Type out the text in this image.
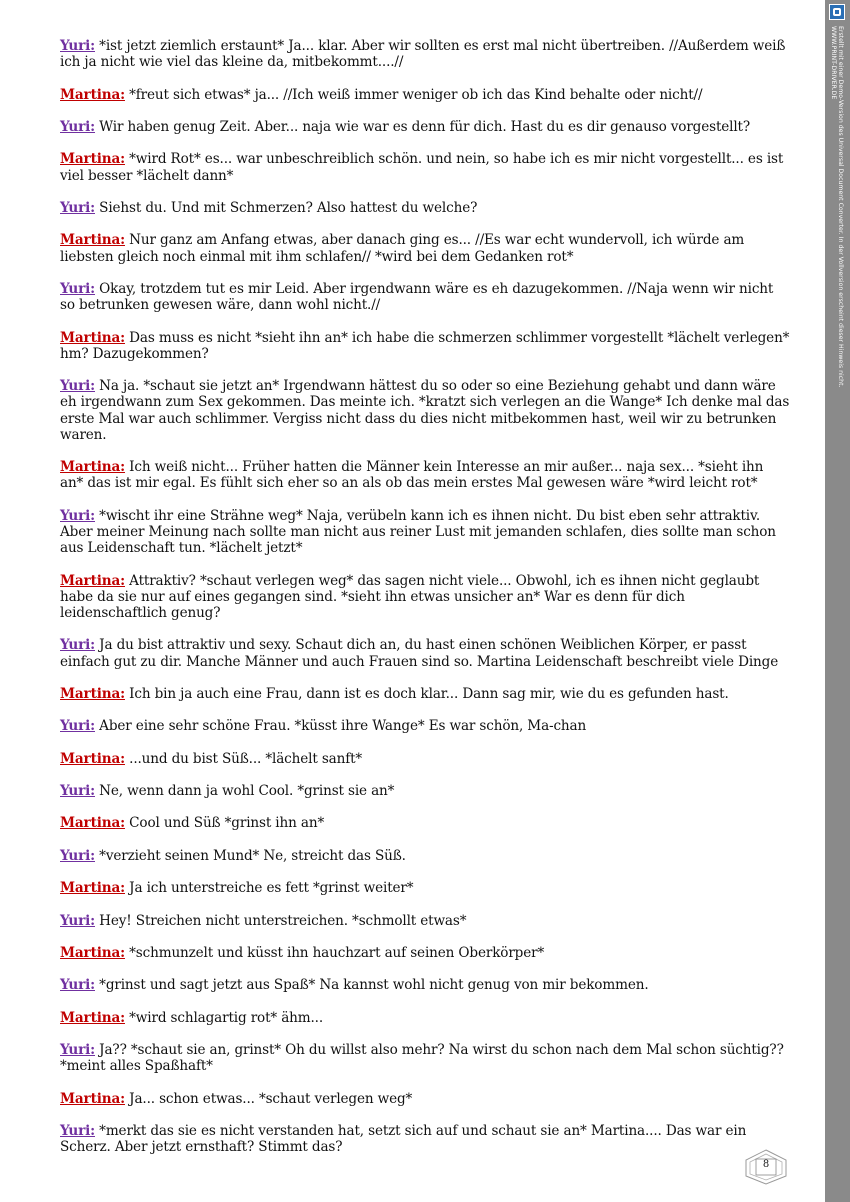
Yuri: *ist jetzt ziemlich erstaunt* Ja... klar. Aber wir sollten es erst mal nicht übertreiben. //Außerdem weiß ich ja nicht wie viel das kleine da, mitbekommt....//

Martina: *freut sich etwas* ja... //Ich weiß immer weniger ob ich das Kind behalte oder nicht//

Yuri: Wir haben genug Zeit. Aber... naja wie war es denn für dich. Hast du es dir genauso vorgestellt?

Martina: *wird Rot* es... war unbeschreiblich schön. und nein, so habe ich es mir nicht vorgestellt... es ist viel besser *lächelt dann*

Yuri: Siehst du. Und mit Schmerzen? Also hattest du welche?

Martina: Nur ganz am Anfang etwas, aber danach ging es... //Es war echt wundervoll, ich würde am liebsten gleich noch einmal mit ihm schlafen// *wird bei dem Gedanken rot*

Yuri: Okay, trotzdem tut es mir Leid. Aber irgendwann wäre es eh dazugekommen. //Naja wenn wir nicht so betrunken gewesen wäre, dann wohl nicht.//

Martina: Das muss es nicht *sieht ihn an* ich habe die schmerzen schlimmer vorgestellt *lächelt verlegen* hm? Dazugekommen?

Yuri: Na ja. *schaut sie jetzt an* Irgendwann hättest du so oder so eine Beziehung gehabt und dann wäre eh irgendwann zum Sex gekommen. Das meinte ich. *kratzt sich verlegen an die Wange* Ich denke mal das erste Mal war auch schlimmer. Vergiss nicht dass du dies nicht mitbekommen hast, weil wir zu betrunken waren.

Martina: Ich weiß nicht... Früher hatten die Männer kein Interesse an mir außer... naja sex... *sieht ihn an* das ist mir egal. Es fühlt sich eher so an als ob das mein erstes Mal gewesen wäre *wird leicht rot*

Yuri: *wischt ihr eine Strähne weg* Naja, verübeln kann ich es ihnen nicht. Du bist eben sehr attraktiv. Aber meiner Meinung nach sollte man nicht aus reiner Lust mit jemanden schlafen, dies sollte man schon aus Leidenschaft tun. *lächelt jetzt*

Martina: Attraktiv? *schaut verlegen weg* das sagen nicht viele... Obwohl, ich es ihnen nicht geglaubt habe da sie nur auf eines gegangen sind. *sieht ihn etwas unsicher an* War es denn für dich leidenschaftlich genug?

Yuri: Ja du bist attraktiv und sexy. Schaut dich an, du hast einen schönen Weiblichen Körper, er passt einfach gut zu dir. Manche Männer und auch Frauen sind so. Martina Leidenschaft beschreibt viele Dinge

Martina: Ich bin ja auch eine Frau, dann ist es doch klar... Dann sag mir, wie du es gefunden hast.

Yuri: Aber eine sehr schöne Frau. *küsst ihre Wange* Es war schön, Ma-chan

Martina: ...und du bist Süß... *lächelt sanft*

Yuri: Ne, wenn dann ja wohl Cool. *grinst sie an*

Martina: Cool und Süß *grinst ihn an*

Yuri: *verzieht seinen Mund* Ne, streicht das Süß.

Martina: Ja ich unterstreiche es fett *grinst weiter*

Yuri: Hey! Streichen nicht unterstreichen. *schmollt etwas*

Martina: *schmunzelt und küsst ihn hauchzart auf seinen Oberkörper*

Yuri: *grinst und sagt jetzt aus Spaß* Na kannst wohl nicht genug von mir bekommen.

Martina: *wird schlagartig rot* ähm...

Yuri: Ja?? *schaut sie an, grinst* Oh du willst also mehr? Na wirst du schon nach dem Mal schon süchtig?? *meint alles Spaßhaft*

Martina: Ja... schon etwas... *schaut verlegen weg*

Yuri: *merkt das sie es nicht verstanden hat, setzt sich auf und schaut sie an* Martina.... Das war ein Scherz. Aber jetzt ernsthaft? Stimmt das?

Erstellt mit einer Demo-Version des Universal Document Converter. In der Vollversion erscheint dieser Hinweis nicht.
WWW.PRINT-DRIVER.DE
8
